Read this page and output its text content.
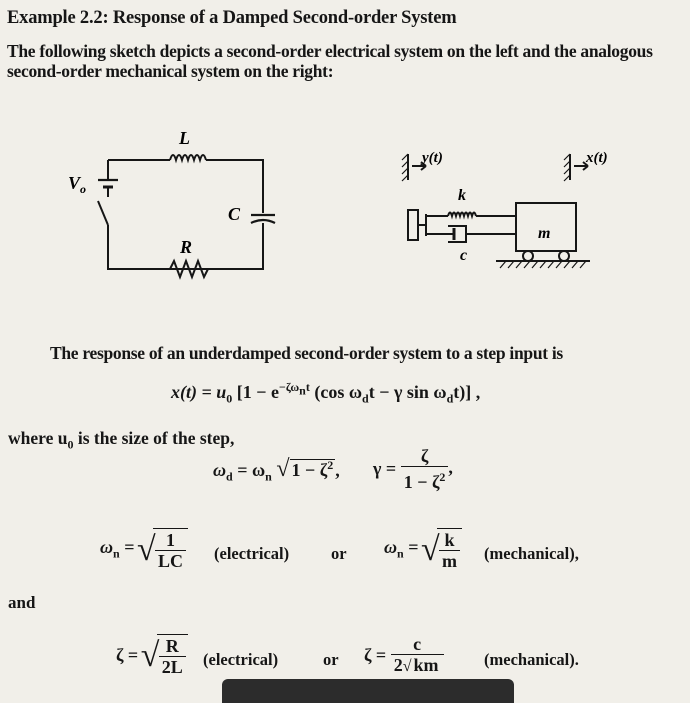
Example 2.2: Response of a Damped Second-order System
The following sketch depicts a second-order electrical system on the left and the analogous
second-order mechanical system on the right:
L
$V_o$
C
R
y(t)	x(t)
k
m
c
The response of an underdamped second-order system to a step input is
$x(t) = u_0$ [$1 - e^{-\zeta\omega_nt}$ (cos $\omega_dt - \gamma$ $\sin \omega_dt$)] ,
where $u_0$ is the size of the step,
$\omega_d = \omega_n$ √ $1 - \zeta^2$ , $\gamma = \frac{\zeta}{1 - \zeta^2}$ ,
$\omega_n$ = √ $\frac{1}{LC}$ (electrical)	or $\omega_n$ = √ $\frac{k}{m}$ (mechanical),
and
ζ = √ $\frac{R}{2L}$ (electrical)	or $\zeta = \frac{c}{2√ km}$ (mechanical).
